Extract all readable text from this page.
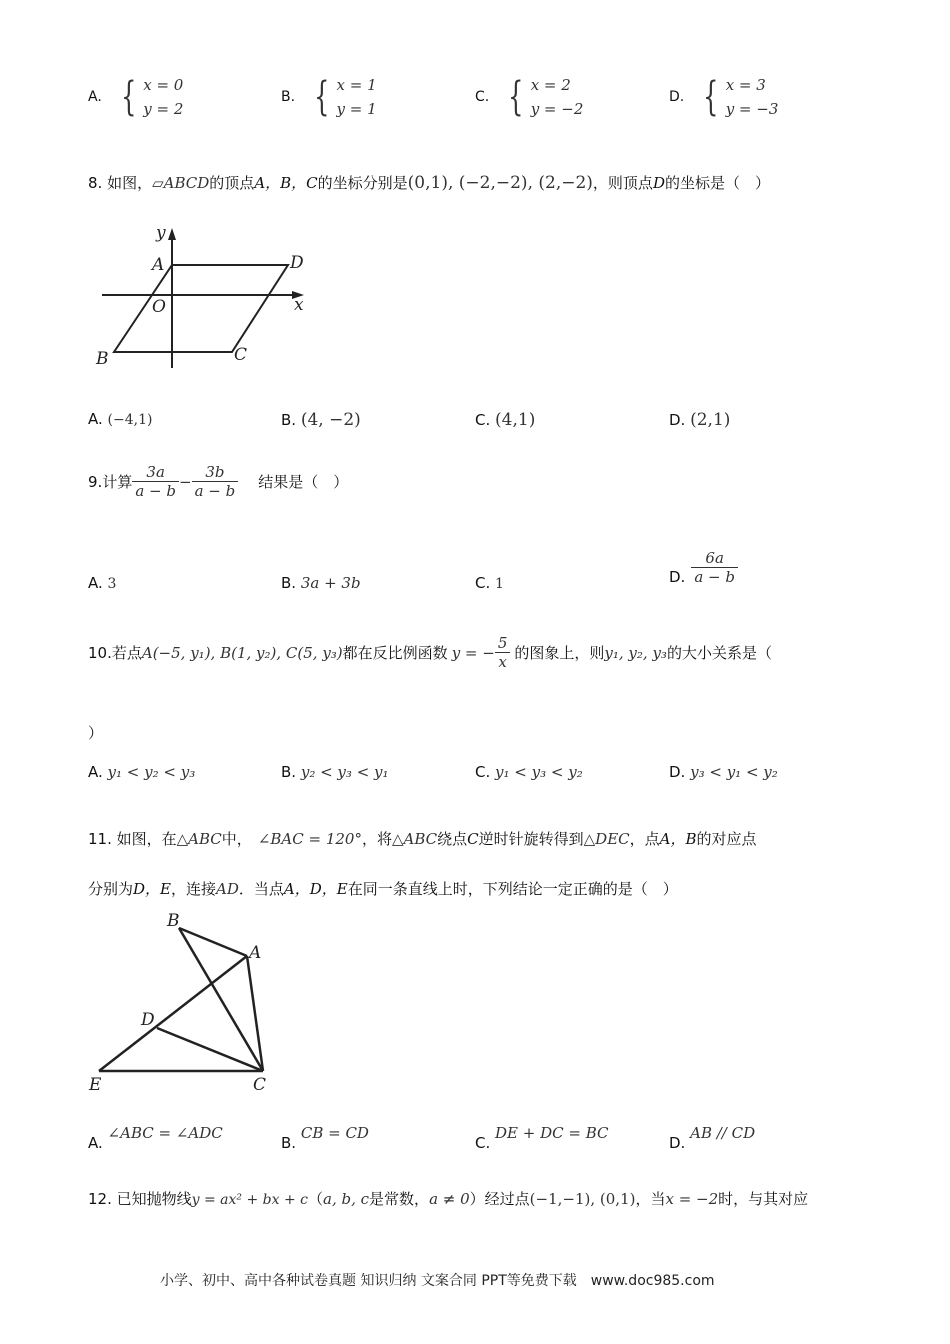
A. { x = 0
y = 2
B. { x = 1
y = 1
C. { x = 2
y = −2
D. { x = 3
y = −3
8. 如图，▱ABCD的顶点A，B，C的坐标分别是(0,1), (−2,−2), (2,−2)，则顶点D的坐标是（　）
y
x
A	D
O
B	C
A. (−4,1)	B. (4, −2)	C. (4,1)	D. (2,1)
9. 计算 $\frac{3a}{a - b} - \frac{3b}{a - b}$ 结果是（　）
A. 3	B. 3a + 3b	C. 1	D. $\frac{6a}{a - b}$
10. 若点 A(−5, y₁), B(1, y₂), C(5, y₃) 都在反比例函数 y = − $\frac{5}{x}$ 的图象上，则 y₁, y₂, y₃ 的大小关系是（
）
A. y₁ < y₂ < y₃	B. y₂ < y₃ < y₁	C. y₁ < y₃ < y₂	D. y₃ < y₁ < y₂
11. 如图，在△ABC中， ∠BAC = 120°，将△ABC绕点C逆时针旋转得到△DEC，点A，B的对应点
分别为D，E，连接AD．当点A，D，E在同一条直线上时，下列结论一定正确的是（　）
B
A
D
E	C
A. ∠ABC = ∠ADC
B. CB = CD
C. DE + DC = BC
D. AB // CD
12. 已知抛物线y = ax² + bx + c（a, b, c是常数，a ≠ 0）经过点(−1,−1), (0,1)，当x = −2时，与其对应
小学、初中、高中各种试卷真题 知识归纳 文案合同 PPT等免费下载　www.doc985.com
